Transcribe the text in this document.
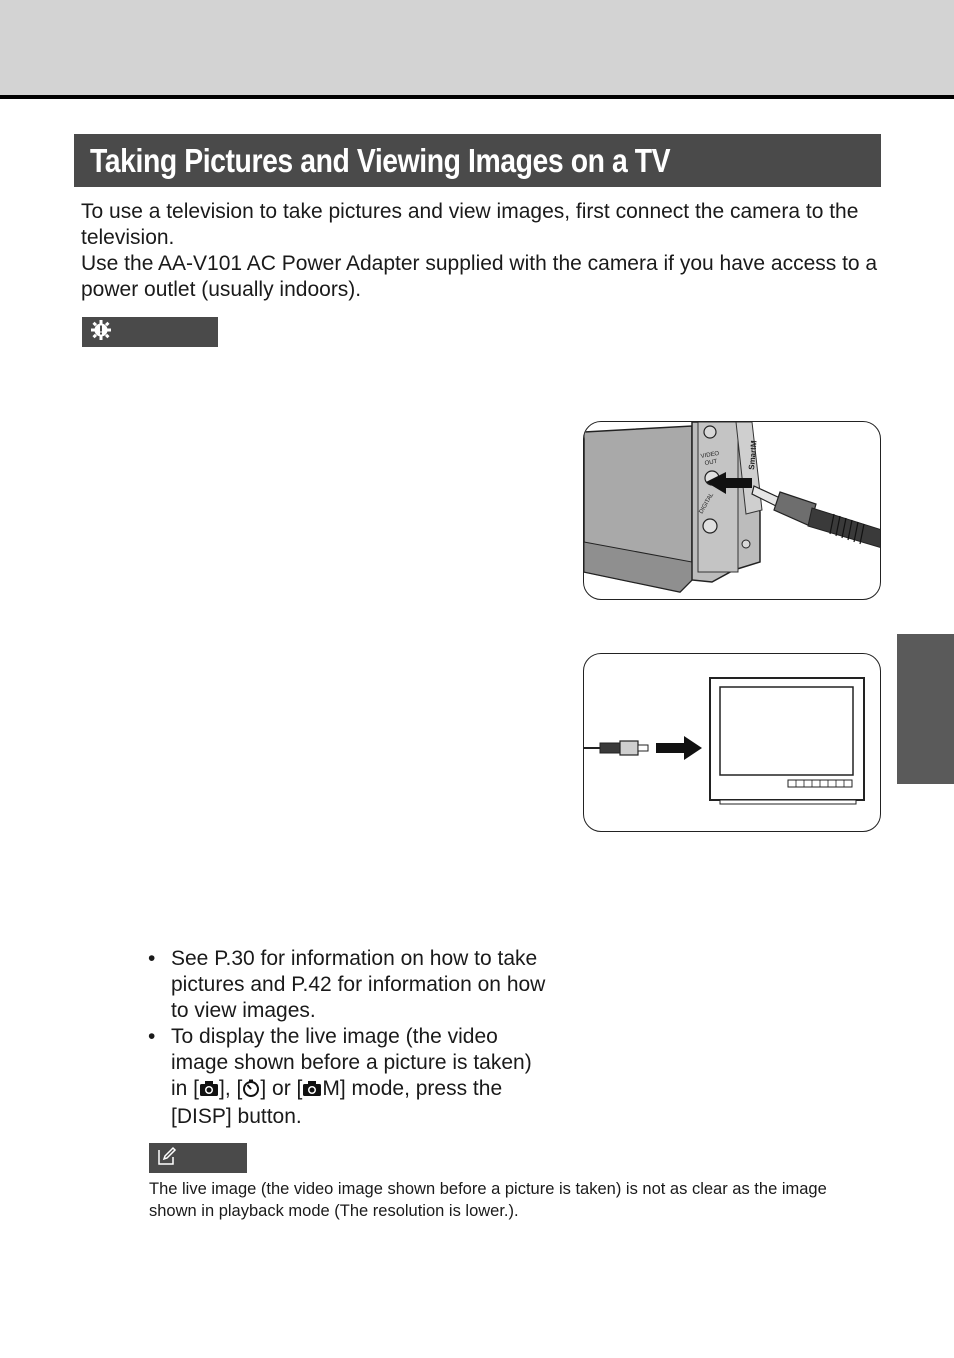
Taking Pictures and Viewing Images on a TV

To use a television to take pictures and view images, first connect the camera to the television.

Use the AA-V101 AC Power Adapter supplied with the camera if you have access to a power outlet (usually indoors).

SmartM
VIDEO
OUT
DIGITAL
• See P.30 for information on how to take pictures and P.42 for information on how to view images.
• To display the live image (the video image shown before a picture is taken) in [ ], [ ] or [ M] mode, press the [DISP] button.
The live image (the video image shown before a picture is taken) is not as clear as the image shown in playback mode (The resolution is lower.).
